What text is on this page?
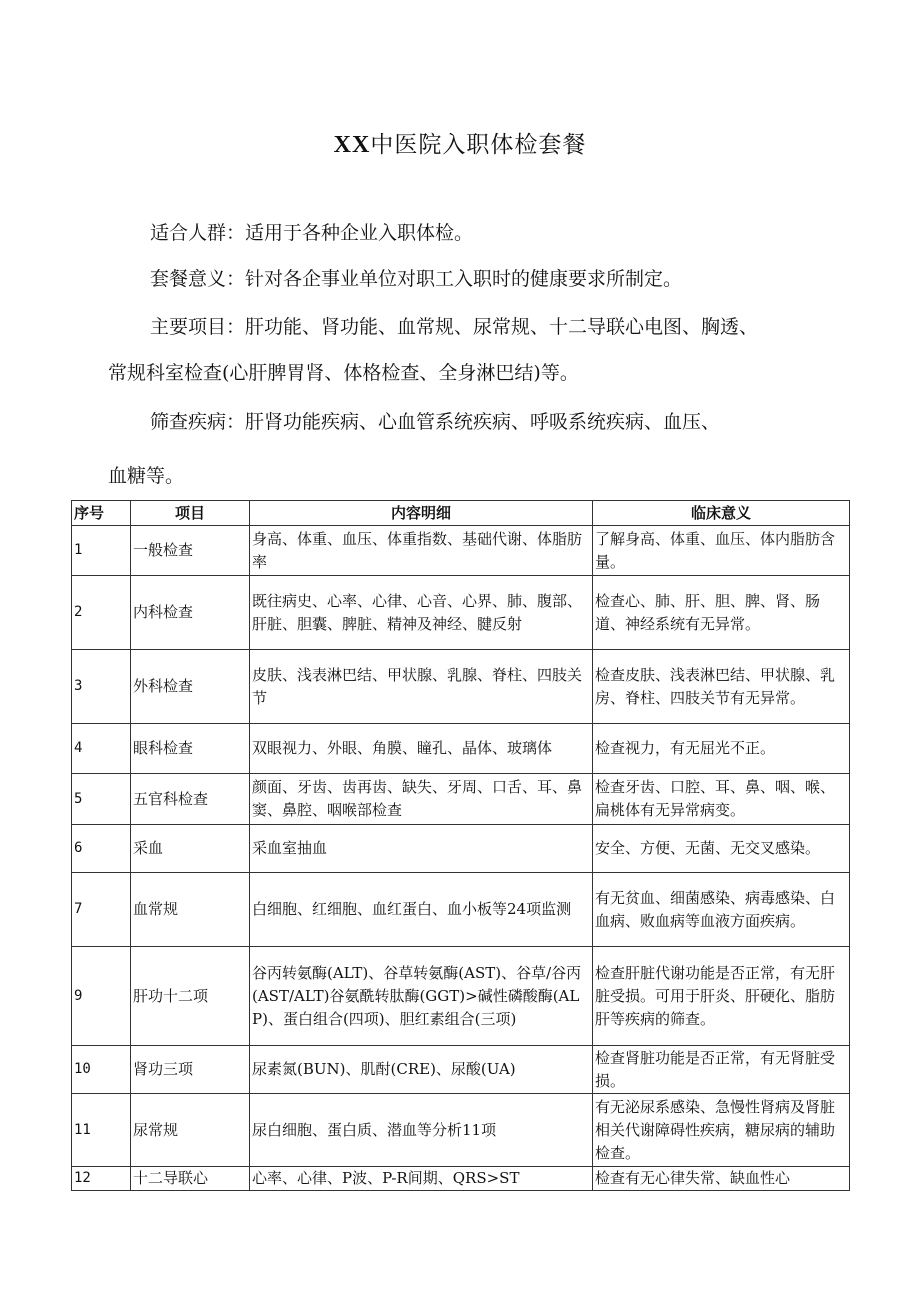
XX中医院入职体检套餐
适合人群：适用于各种企业入职体检。
套餐意义：针对各企事业单位对职工入职时的健康要求所制定。
主要项目：肝功能、肾功能、血常规、尿常规、十二导联心电图、胸透、
常规科室检查(心肝脾胃肾、体格检查、全身淋巴结)等。
筛查疾病：肝肾功能疾病、心血管系统疾病、呼吸系统疾病、血压、
血糖等。
序号	项目	内容明细	临床意义
1	一般检查	身高、体重、血压、体重指数、基础代谢、体脂肪率	了解身高、体重、血压、体内脂肪含量。
2	内科检查	既往病史、心率、心律、心音、心界、肺、腹部、肝脏、胆囊、脾脏、精神及神经、腱反射	检查心、肺、肝、胆、脾、肾、肠道、神经系统有无异常。
3	外科检查	皮肤、浅表淋巴结、甲状腺、乳腺、脊柱、四肢关节	检查皮肤、浅表淋巴结、甲状腺、乳房、脊柱、四肢关节有无异常。
4	眼科检查	双眼视力、外眼、角膜、瞳孔、晶体、玻璃体	检查视力，有无屈光不正。
5	五官科检查	颜面、牙齿、齿再齿、缺失、牙周、口舌、耳、鼻窦、鼻腔、咽喉部检查	检查牙齿、口腔、耳、鼻、咽、喉、扁桃体有无异常病变。
6	采血	采血室抽血	安全、方便、无菌、无交叉感染。
7	血常规	白细胞、红细胞、血红蛋白、血小板等24项监测	有无贫血、细菌感染、病毒感染、白血病、败血病等血液方面疾病。
9	肝功十二项	谷丙转氨酶(ALT)、谷草转氨酶(AST)、谷草/谷丙(AST/ALT)谷氨酰转肽酶(GGT)>碱性磷酸酶(ALP)、蛋白组合(四项)、胆红素组合(三项)	检查肝脏代谢功能是否正常，有无肝脏受损。可用于肝炎、肝硬化、脂肪肝等疾病的筛查。
10	肾功三项	尿素氮(BUN)、肌酎(CRE)、尿酸(UA)	检查肾脏功能是否正常，有无肾脏受损。
11	尿常规	尿白细胞、蛋白质、潜血等分析11项	有无泌尿系感染、急慢性肾病及肾脏相关代谢障碍性疾病，糖尿病的辅助检查。
12	十二导联心	心率、心律、P波、P-R间期、QRS>ST	检查有无心律失常、缺血性心
